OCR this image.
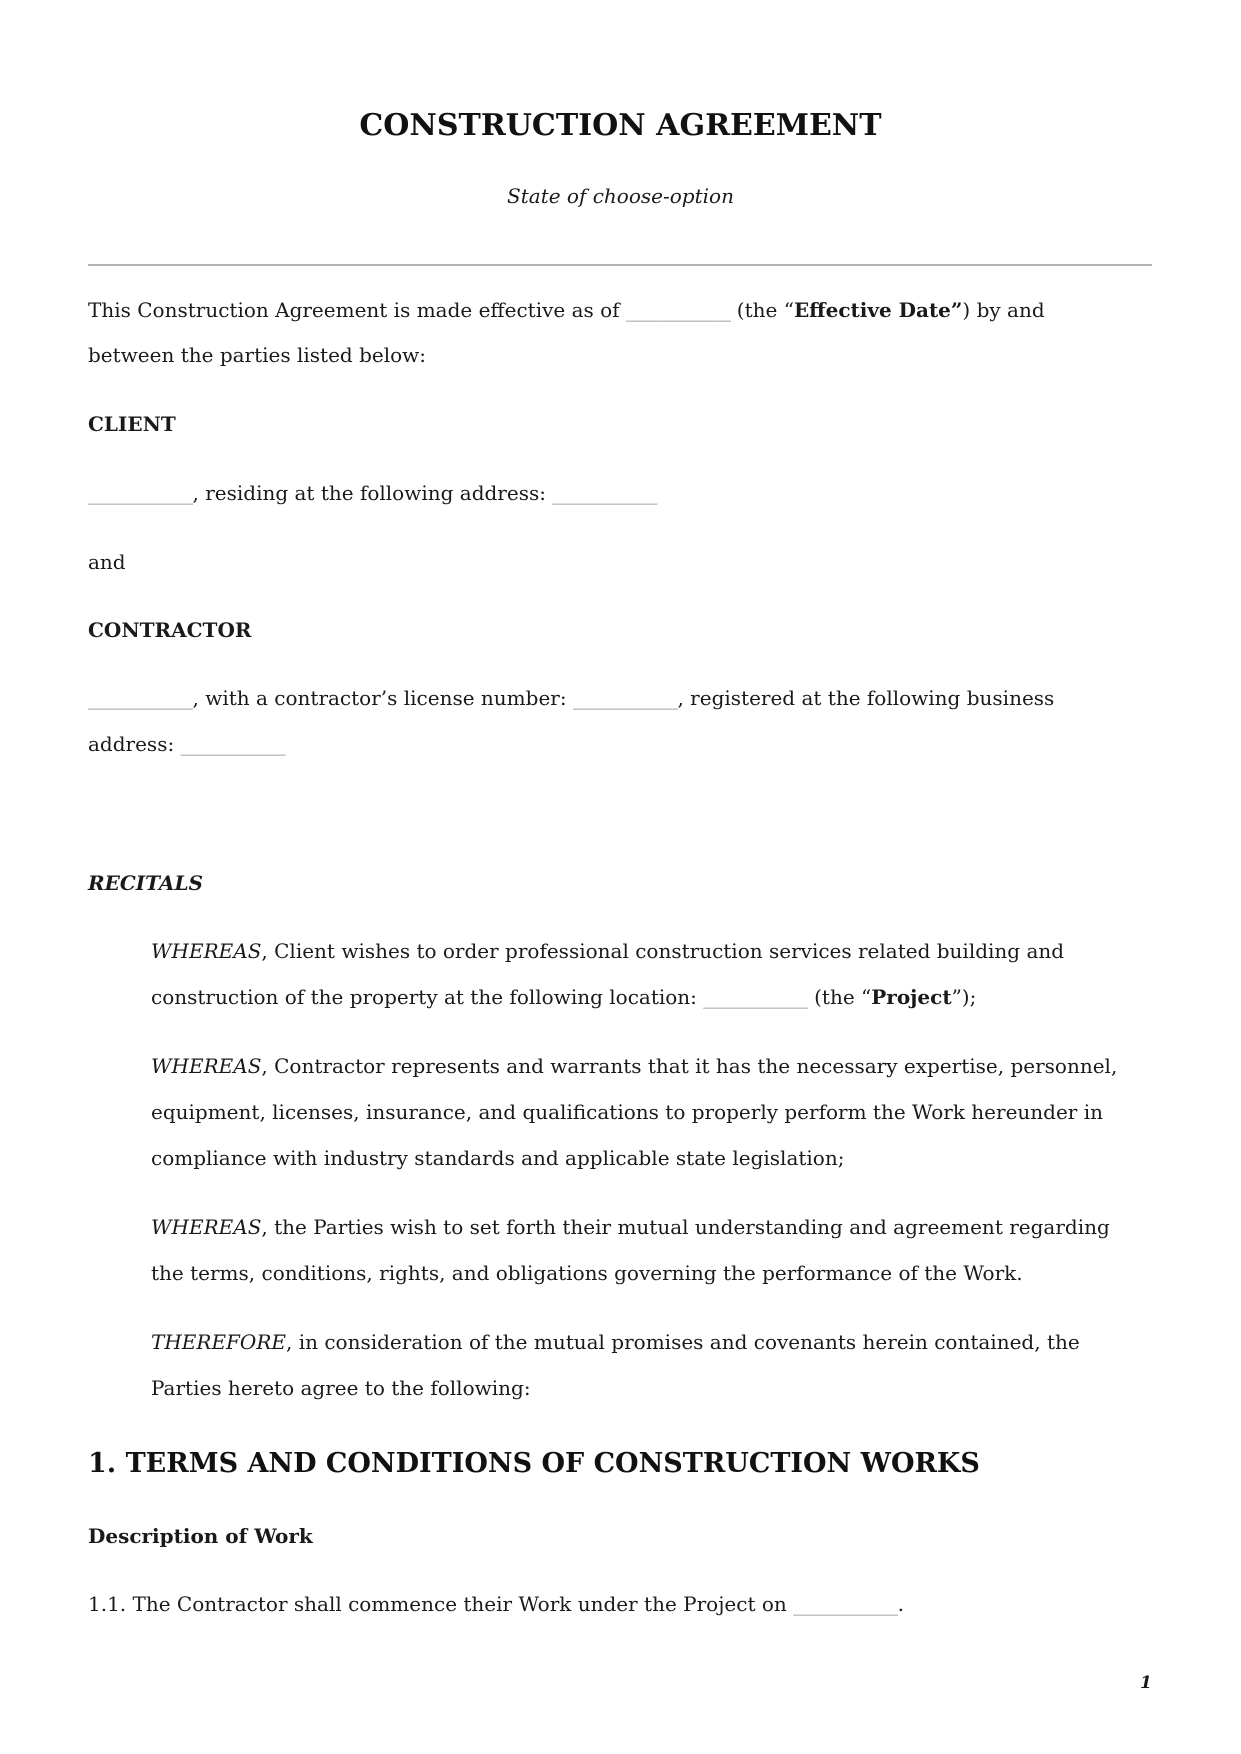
CONSTRUCTION AGREEMENT
State of choose-option
This Construction Agreement is made effective as of ___________ (the “Effective Date”) by and
between the parties listed below:
CLIENT
___________, residing at the following address: ___________
and
CONTRACTOR
___________, with a contractor’s license number: ___________, registered at the following business
address: ___________
RECITALS
WHEREAS, Client wishes to order professional construction services related building and
construction of the property at the following location: ___________ (the “Project”);
WHEREAS, Contractor represents and warrants that it has the necessary expertise, personnel,
equipment, licenses, insurance, and qualifications to properly perform the Work hereunder in
compliance with industry standards and applicable state legislation;
WHEREAS, the Parties wish to set forth their mutual understanding and agreement regarding
the terms, conditions, rights, and obligations governing the performance of the Work.
THEREFORE, in consideration of the mutual promises and covenants herein contained, the
Parties hereto agree to the following:
1. TERMS AND CONDITIONS OF CONSTRUCTION WORKS
Description of Work
1.1. The Contractor shall commence their Work under the Project on ___________.
1
